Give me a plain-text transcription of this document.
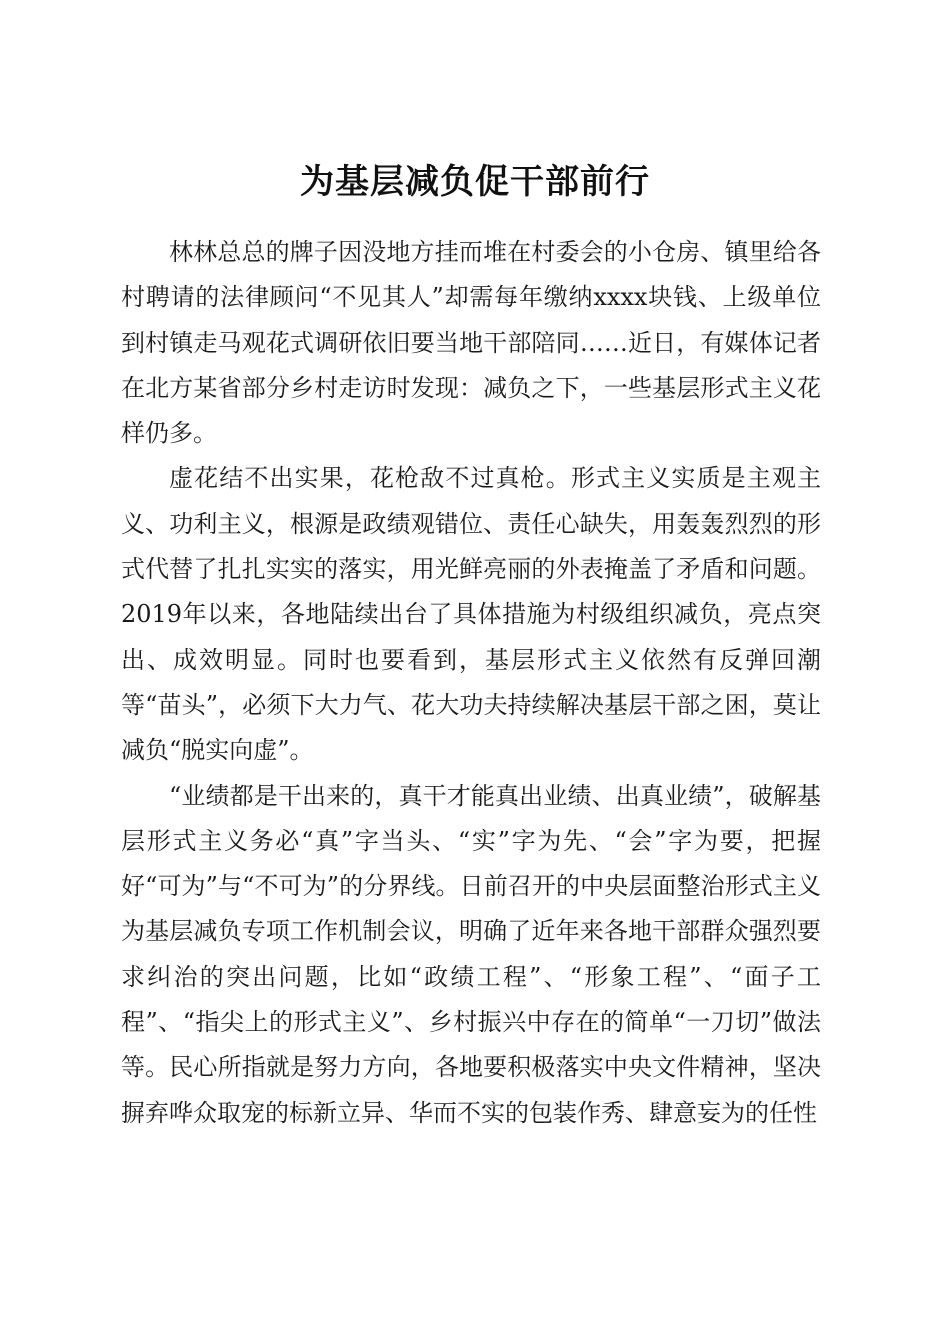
为基层减负促干部前行

林林总总的牌子因没地方挂而堆在村委会的小仓房、镇里给各村聘请的法律顾问“不见其人”却需每年缴纳xxxx块钱、上级单位到村镇走马观花式调研依旧要当地干部陪同……近日，有媒体记者在北方某省部分乡村走访时发现：减负之下，一些基层形式主义花样仍多。

虚花结不出实果，花枪敌不过真枪。形式主义实质是主观主义、功利主义，根源是政绩观错位、责任心缺失，用轰轰烈烈的形式代替了扎扎实实的落实，用光鲜亮丽的外表掩盖了矛盾和问题。2019年以来，各地陆续出台了具体措施为村级组织减负，亮点突出、成效明显。同时也要看到，基层形式主义依然有反弹回潮等“苗头”，必须下大力气、花大功夫持续解决基层干部之困，莫让减负“脱实向虚”。

“业绩都是干出来的，真干才能真出业绩、出真业绩”，破解基层形式主义务必“真”字当头、“实”字为先、“会”字为要，把握好“可为”与“不可为”的分界线。日前召开的中央层面整治形式主义为基层减负专项工作机制会议，明确了近年来各地干部群众强烈要求纠治的突出问题，比如“政绩工程”、“形象工程”、“面子工程”、“指尖上的形式主义”、乡村振兴中存在的简单“一刀切”做法等。民心所指就是努力方向，各地要积极落实中央文件精神，坚决摒弃哗众取宠的标新立异、华而不实的包装作秀、肆意妄为的任性
